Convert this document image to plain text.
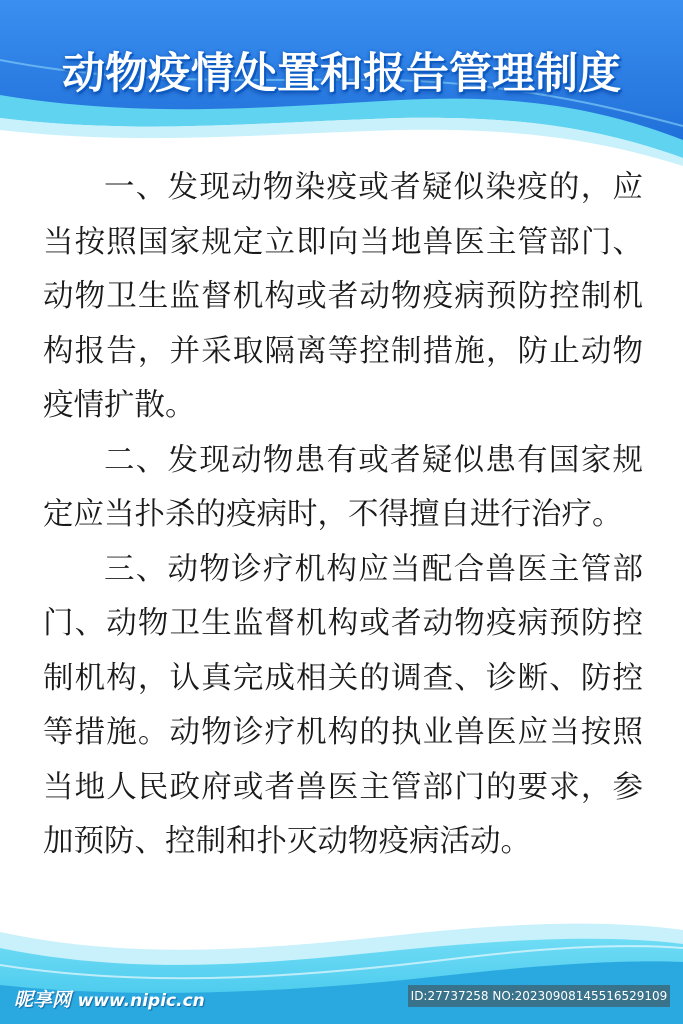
动物疫情处置和报告管理制度

一、发现动物染疫或者疑似染疫的，应当按照国家规定立即向当地兽医主管部门、动物卫生监督机构或者动物疫病预防控制机构报告，并采取隔离等控制措施，防止动物疫情扩散。

二、发现动物患有或者疑似患有国家规定应当扑杀的疫病时，不得擅自进行治疗。

三、动物诊疗机构应当配合兽医主管部门、动物卫生监督机构或者动物疫病预防控制机构，认真完成相关的调查、诊断、防控等措施。动物诊疗机构的执业兽医应当按照当地人民政府或者兽医主管部门的要求，参加预防、控制和扑灭动物疫病活动。

昵享网 www.nipic.cn	ID:27737258 NO:20230908145516529109
